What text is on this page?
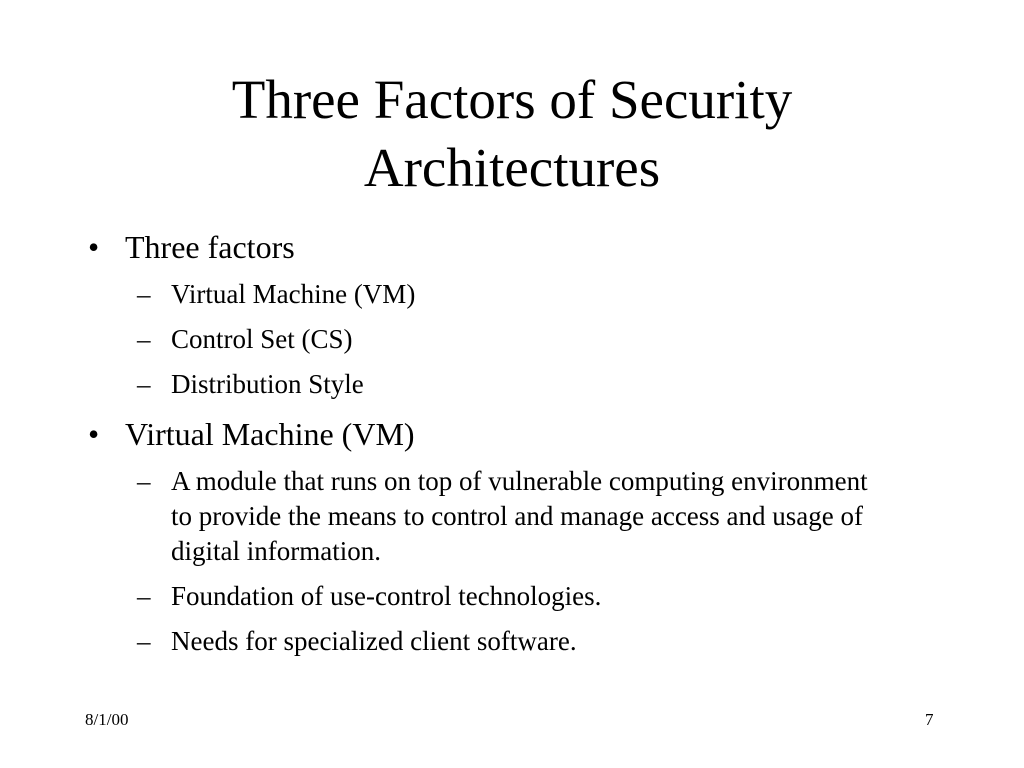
Three Factors of Security
Architectures
• Three factors
– Virtual Machine (VM)
– Control Set (CS)
– Distribution Style
• Virtual Machine (VM)
– A module that runs on top of vulnerable computing environment to provide the means to control and manage access and usage of digital information.
– Foundation of use-control technologies.
– Needs for specialized client software.
8/1/00	7
